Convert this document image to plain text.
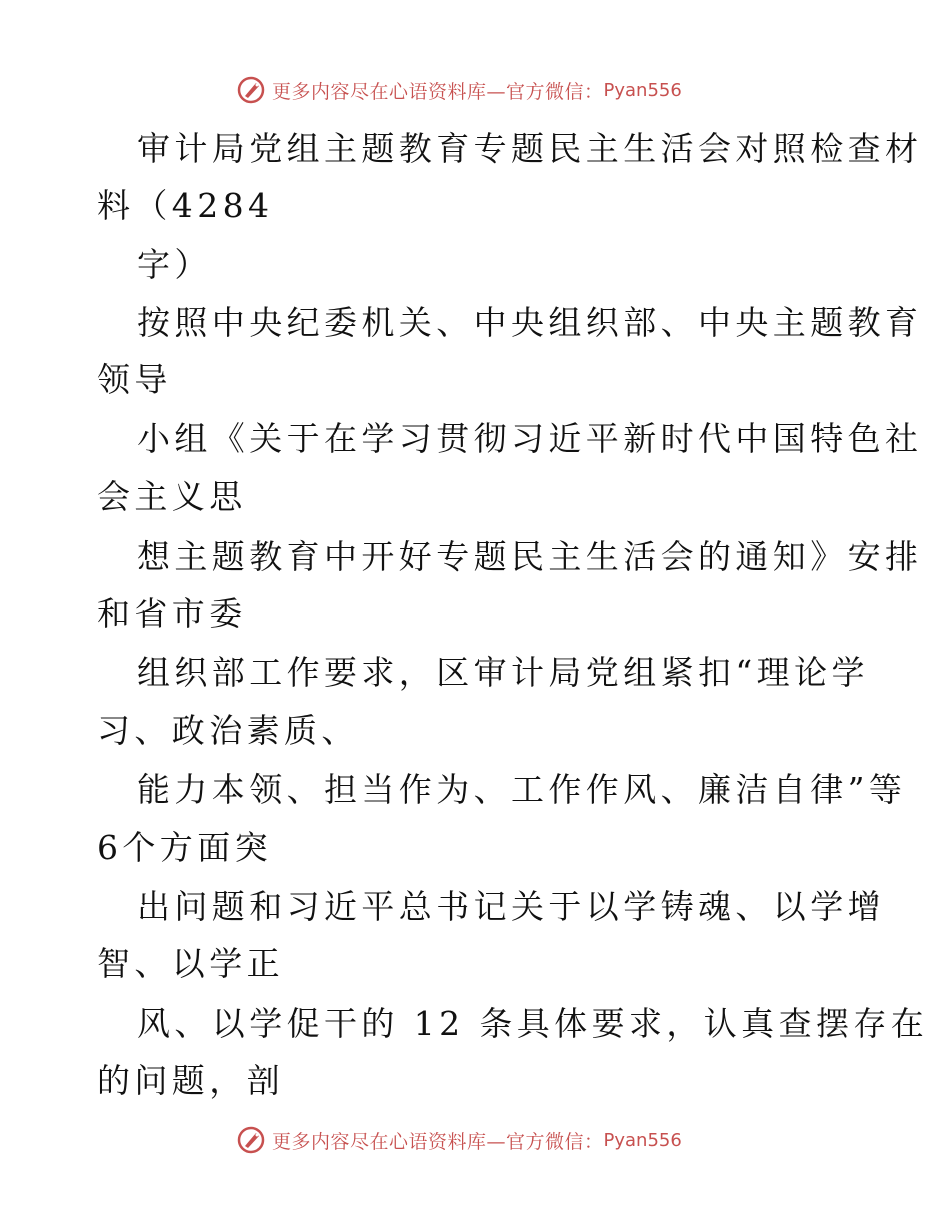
更多内容尽在心语资料库—官方微信： Pyan556
审计局党组主题教育专题民主生活会对照检查材
料（4284
字）
按照中央纪委机关、中央组织部、中央主题教育
领导
小组《关于在学习贯彻习近平新时代中国特色社
会主义思
想主题教育中开好专题民主生活会的通知》安排
和省市委
组织部工作要求，区审计局党组紧扣“理论学
习、政治素质、
能力本领、担当作为、工作作风、廉洁自律”等
6个方面突
出问题和习近平总书记关于以学铸魂、以学增
智、以学正
风、以学促干的 12 条具体要求，认真查摆存在
的问题，剖
更多内容尽在心语资料库—官方微信： Pyan556
